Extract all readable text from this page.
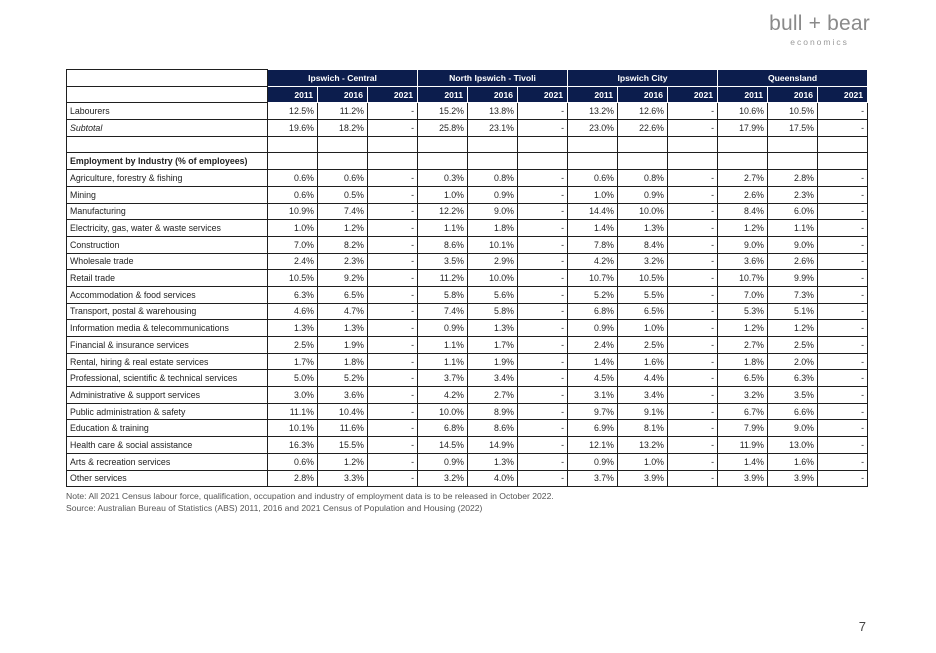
bull + bear
economics
	Ipswich - Central			North Ipswich - Tivoli			Ipswich City			Queensland		
	2011	2016	2021	2011	2016	2021	2011	2016	2021	2011	2016	2021
Labourers	12.5%	11.2%	-	15.2%	13.8%	-	13.2%	12.6%	-	10.6%	10.5%	-
Subtotal	19.6%	18.2%	-	25.8%	23.1%	-	23.0%	22.6%	-	17.9%	17.5%	-

Employment by Industry (% of employees)												
Agriculture, forestry & fishing	0.6%	0.6%	-	0.3%	0.8%	-	0.6%	0.8%	-	2.7%	2.8%	-
Mining	0.6%	0.5%	-	1.0%	0.9%	-	1.0%	0.9%	-	2.6%	2.3%	-
Manufacturing	10.9%	7.4%	-	12.2%	9.0%	-	14.4%	10.0%	-	8.4%	6.0%	-
Electricity, gas, water & waste services	1.0%	1.2%	-	1.1%	1.8%	-	1.4%	1.3%	-	1.2%	1.1%	-
Construction	7.0%	8.2%	-	8.6%	10.1%	-	7.8%	8.4%	-	9.0%	9.0%	-
Wholesale trade	2.4%	2.3%	-	3.5%	2.9%	-	4.2%	3.2%	-	3.6%	2.6%	-
Retail trade	10.5%	9.2%	-	11.2%	10.0%	-	10.7%	10.5%	-	10.7%	9.9%	-
Accommodation & food services	6.3%	6.5%	-	5.8%	5.6%	-	5.2%	5.5%	-	7.0%	7.3%	-
Transport, postal & warehousing	4.6%	4.7%	-	7.4%	5.8%	-	6.8%	6.5%	-	5.3%	5.1%	-
Information media & telecommunications	1.3%	1.3%	-	0.9%	1.3%	-	0.9%	1.0%	-	1.2%	1.2%	-
Financial & insurance services	2.5%	1.9%	-	1.1%	1.7%	-	2.4%	2.5%	-	2.7%	2.5%	-
Rental, hiring & real estate services	1.7%	1.8%	-	1.1%	1.9%	-	1.4%	1.6%	-	1.8%	2.0%	-
Professional, scientific & technical services	5.0%	5.2%	-	3.7%	3.4%	-	4.5%	4.4%	-	6.5%	6.3%	-
Administrative & support services	3.0%	3.6%	-	4.2%	2.7%	-	3.1%	3.4%	-	3.2%	3.5%	-
Public administration & safety	11.1%	10.4%	-	10.0%	8.9%	-	9.7%	9.1%	-	6.7%	6.6%	-
Education & training	10.1%	11.6%	-	6.8%	8.6%	-	6.9%	8.1%	-	7.9%	9.0%	-
Health care & social assistance	16.3%	15.5%	-	14.5%	14.9%	-	12.1%	13.2%	-	11.9%	13.0%	-
Arts & recreation services	0.6%	1.2%	-	0.9%	1.3%	-	0.9%	1.0%	-	1.4%	1.6%	-
Other services	2.8%	3.3%	-	3.2%	4.0%	-	3.7%	3.9%	-	3.9%	3.9%	-
Note: All 2021 Census labour force, qualification, occupation and industry of employment data is to be released in October 2022.
Source: Australian Bureau of Statistics (ABS) 2011, 2016 and 2021 Census of Population and Housing (2022)
7
